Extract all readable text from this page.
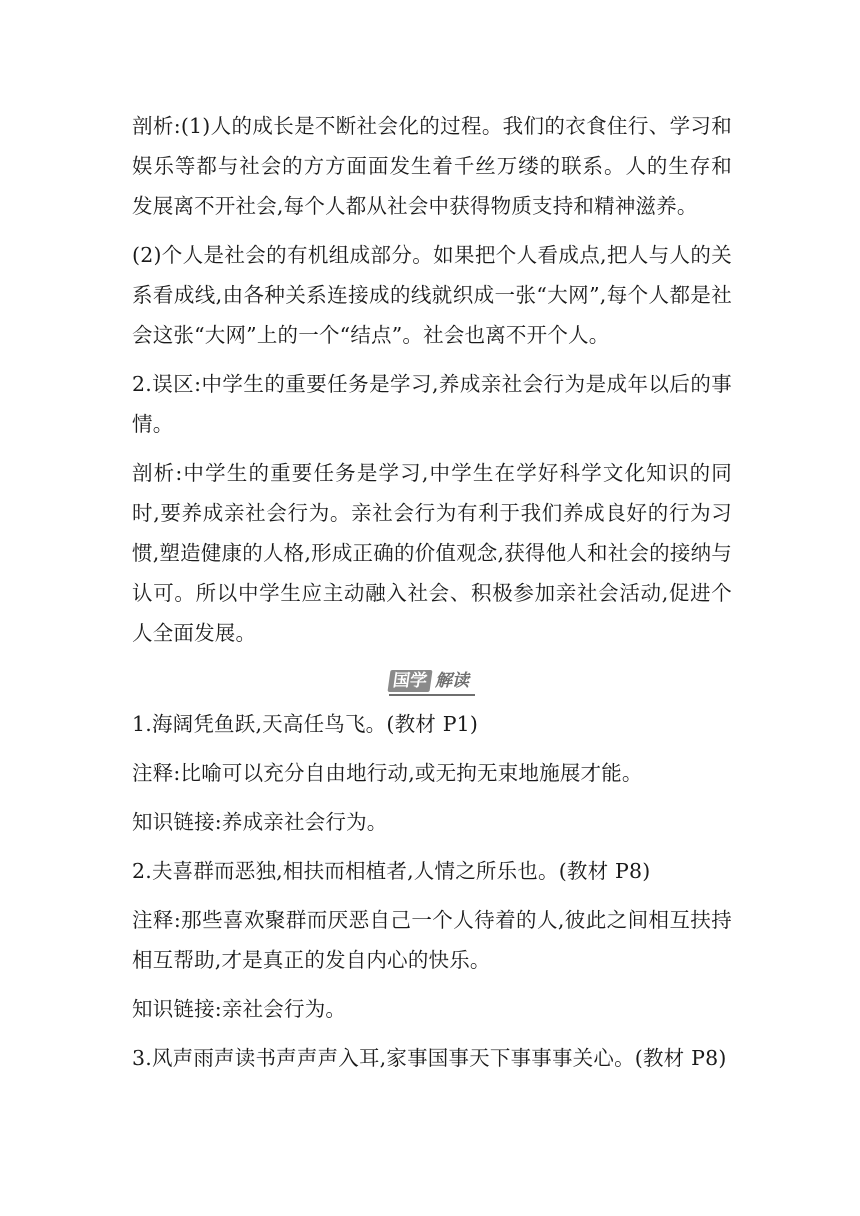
剖析:(1)人的成长是不断社会化的过程。我们的衣食住行、学习和娱乐等都与社会的方方面面发生着千丝万缕的联系。人的生存和发展离不开社会,每个人都从社会中获得物质支持和精神滋养。

(2)个人是社会的有机组成部分。如果把个人看成点,把人与人的关系看成线,由各种关系连接成的线就织成一张“大网”,每个人都是社会这张“大网”上的一个“结点”。社会也离不开个人。

2.误区:中学生的重要任务是学习,养成亲社会行为是成年以后的事情。

剖析:中学生的重要任务是学习,中学生在学好科学文化知识的同时,要养成亲社会行为。亲社会行为有利于我们养成良好的行为习惯,塑造健康的人格,形成正确的价值观念,获得他人和社会的接纳与认可。所以中学生应主动融入社会、积极参加亲社会活动,促进个人全面发展。

国学 解读

1.海阔凭鱼跃,天高任鸟飞。(教材 P1)

注释:比喻可以充分自由地行动,或无拘无束地施展才能。

知识链接:养成亲社会行为。

2.夫喜群而恶独,相扶而相植者,人情之所乐也。(教材 P8)

注释:那些喜欢聚群而厌恶自己一个人待着的人,彼此之间相互扶持相互帮助,才是真正的发自内心的快乐。

知识链接:亲社会行为。

3.风声雨声读书声声声入耳,家事国事天下事事事关心。(教材 P8)
